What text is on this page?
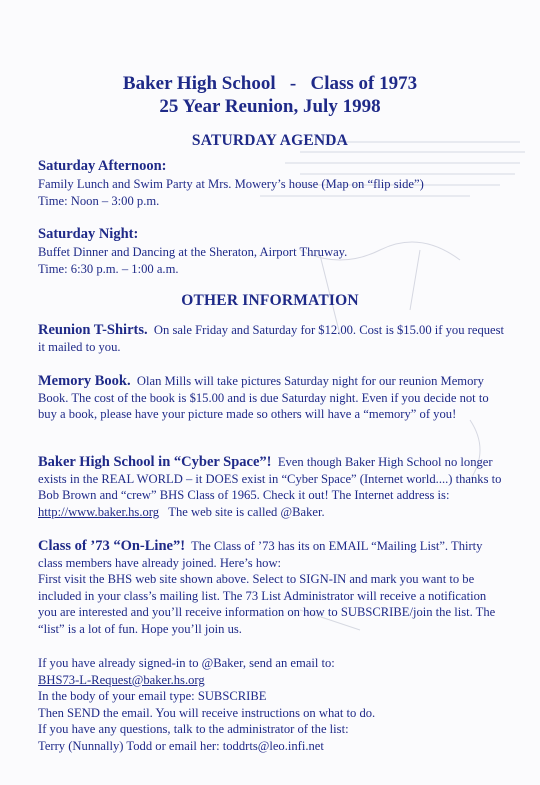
Baker High School - Class of 1973
25 Year Reunion, July 1998
SATURDAY AGENDA
Saturday Afternoon:

Family Lunch and Swim Party at Mrs. Mowery’s house (Map on “flip side”)

Time: Noon – 3:00 p.m.

Saturday Night:

Buffet Dinner and Dancing at the Sheraton, Airport Thruway.

Time: 6:30 p.m. – 1:00 a.m.

OTHER INFORMATION

Reunion T-Shirts. On sale Friday and Saturday for $12.00. Cost is $15.00 if you request it mailed to you.

Memory Book. Olan Mills will take pictures Saturday night for our reunion Memory Book. The cost of the book is $15.00 and is due Saturday night. Even if you decide not to buy a book, please have your picture made so others will have a “memory” of you!

Baker High School in “Cyber Space”! Even though Baker High School no longer exists in the REAL WORLD – it DOES exist in “Cyber Space” (Internet world....) thanks to Bob Brown and “crew” BHS Class of 1965. Check it out! The Internet address is: http://www.baker.hs.org The web site is called @Baker.

Class of ’73 “On-Line”! The Class of ’73 has its on EMAIL “Mailing List”. Thirty class members have already joined. Here’s how:

First visit the BHS web site shown above. Select to SIGN-IN and mark you want to be included in your class’s mailing list. The 73 List Administrator will receive a notification you are interested and you’ll receive information on how to SUBSCRIBE/join the list. The “list” is a lot of fun. Hope you’ll join us.

If you have already signed-in to @Baker, send an email to:

BHS73-L-Request@baker.hs.org

In the body of your email type: SUBSCRIBE

Then SEND the email. You will receive instructions on what to do.

If you have any questions, talk to the administrator of the list:

Terry (Nunnally) Todd or email her: toddrts@leo.infi.net
